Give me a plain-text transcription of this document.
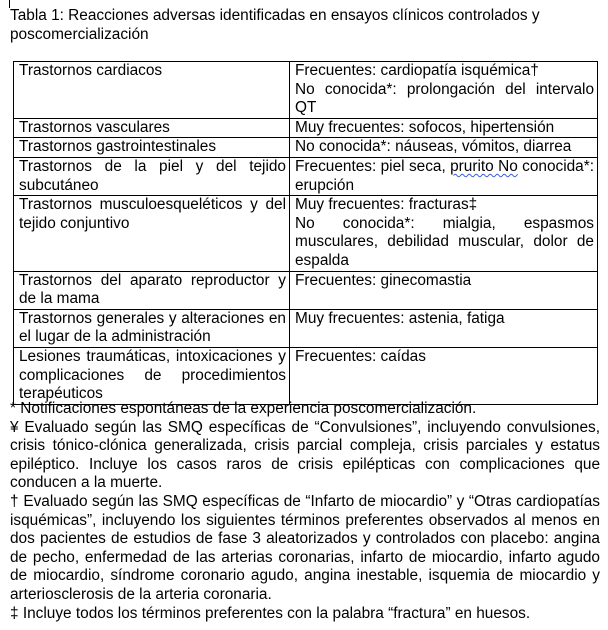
Tabla 1: Reacciones adversas identificadas en ensayos clínicos controlados y
poscomercialización
Trastornos cardiacos	Frecuentes: cardiopatía isquémica†
No conocida*: prolongación del intervalo QT

Trastornos vasculares	Muy frecuentes: sofocos, hipertensión

Trastornos gastrointestinales	No conocida*: náuseas, vómitos, diarrea

Trastornos de la piel y del tejido subcutáneo	Frecuentes: piel seca, prurito No conocida*: erupción

Trastornos musculoesqueléticos y del tejido conjuntivo	Muy frecuentes: fracturas‡
No conocida*: mialgia, espasmos musculares, debilidad muscular, dolor de espalda

Trastornos del aparato reproductor y de la mama	Frecuentes: ginecomastia

Trastornos generales y alteraciones en el lugar de la administración	Muy frecuentes: astenia, fatiga

Lesiones traumáticas, intoxicaciones y complicaciones de procedimientos terapéuticos	Frecuentes: caídas

* Notificaciones espontáneas de la experiencia poscomercialización.

¥ Evaluado según las SMQ específicas de “Convulsiones”, incluyendo convulsiones, crisis tónico-clónica generalizada, crisis parcial compleja, crisis parciales y estatus epiléptico. Incluye los casos raros de crisis epilépticas con complicaciones que conducen a la muerte.

† Evaluado según las SMQ específicas de “Infarto de miocardio” y “Otras cardiopatías isquémicas”, incluyendo los siguientes términos preferentes observados al menos en dos pacientes de estudios de fase 3 aleatorizados y controlados con placebo: angina de pecho, enfermedad de las arterias coronarias, infarto de miocardio, infarto agudo de miocardio, síndrome coronario agudo, angina inestable, isquemia de miocardio y arteriosclerosis de la arteria coronaria.

‡ Incluye todos los términos preferentes con la palabra “fractura” en huesos.
